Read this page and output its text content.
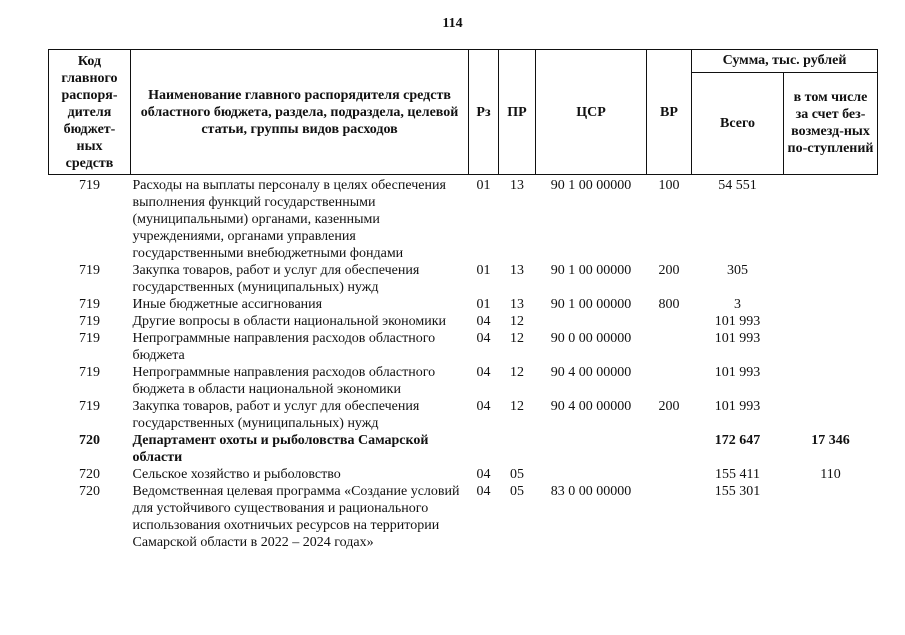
114
Код главного распоря-дителя бюджет-ных средств	Наименование главного распорядителя средств областного бюджета, раздела, подраздела, целевой статьи, группы видов расходов	Рз	ПР	ЦСР	ВР	Сумма, тыс. рублей	
						Всего	в том числе за счет без-возмезд-ных по-ступлений
719	Расходы на выплаты персоналу в целях обеспечения выполнения функций государственными (муниципальными) органами, казенными учреждениями, органами управления государственными внебюджетными фондами	01	13	90 1 00 00000	100	54 551	
719	Закупка товаров, работ и услуг для обеспечения государственных (муниципальных) нужд	01	13	90 1 00 00000	200	305	
719	Иные бюджетные ассигнования	01	13	90 1 00 00000	800	3	
719	Другие вопросы в области национальной экономики	04	12			101 993	
719	Непрограммные направления расходов областного бюджета	04	12	90 0 00 00000		101 993	
719	Непрограммные направления расходов областного бюджета в области национальной экономики	04	12	90 4 00 00000		101 993	
719	Закупка товаров, работ и услуг для обеспечения государственных (муниципальных) нужд	04	12	90 4 00 00000	200	101 993	
720	Департамент охоты и рыболовства Самарской области					172 647	17 346
720	Сельское хозяйство и рыболовство	04	05			155 411	110
720	Ведомственная целевая программа «Создание условий для устойчивого существования и рационального использования охотничьих ресурсов на территории Самарской области в 2022 – 2024 годах»	04	05	83 0 00 00000		155 301	
